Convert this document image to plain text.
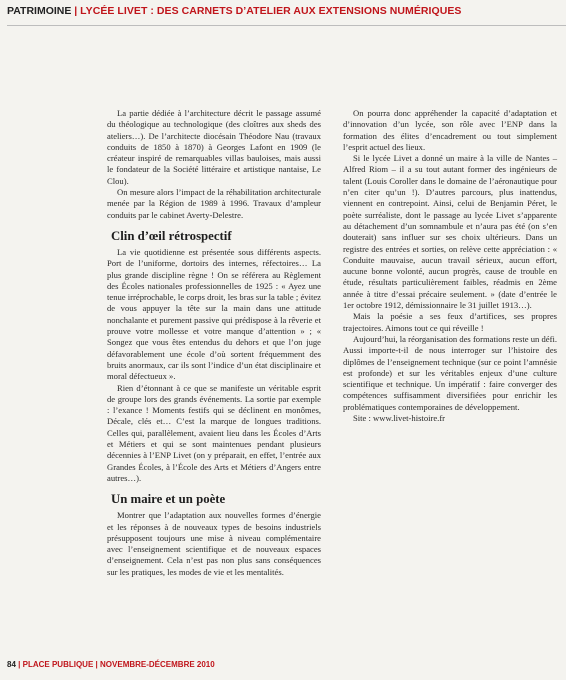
PATRIMOINE | LYCÉE LIVET : DES CARNETS D’ATELIER AUX EXTENSIONS NUMÉRIQUES

La partie dédiée à l’architecture décrit le passage assumé du théologique au technologique (des cloîtres aux sheds des ateliers…). De l’architecte diocésain Théodore Nau (travaux conduits de 1850 à 1870) à Georges Lafont en 1909 (le créateur inspiré de remarquables villas bauloises, mais aussi le fondateur de la Société littéraire et artistique nantaise, Le Clou).

On mesure alors l’impact de la réhabilitation architecturale menée par la Région de 1989 à 1996. Travaux d’ampleur conduits par le cabinet Averty-Delestre.

Clin d’œil rétrospectif

La vie quotidienne est présentée sous différents aspects. Port de l’uniforme, dortoirs des internes, réfectoires… La plus grande discipline règne ! On se référera au Règlement des Écoles nationales professionnelles de 1925 : « Ayez une tenue irréprochable, le corps droit, les bras sur la table ; évitez de vous appuyer la tête sur la main dans une attitude nonchalante et purement passive qui prédispose à la rêverie et prouve votre mollesse et votre manque d’attention » ; « Songez que vous êtes entendus du dehors et que l’on juge défavorablement une école d’où sortent fréquemment des bruits anormaux, car ils sont l’indice d’un état disciplinaire et moral défectueux ».

Rien d’étonnant à ce que se manifeste un véritable esprit de groupe lors des grands événements. La sortie par exemple : l’exance ! Moments festifs qui se déclinent en monômes, Décale, clés et… C’est la marque de longues traditions. Celles qui, parallèlement, avaient lieu dans les Écoles d’Arts et Métiers et qui se sont maintenues pendant plusieurs décennies à l’ENP Livet (on y préparait, en effet, l’entrée aux Grandes Écoles, à l’École des Arts et Métiers d’Angers entre autres…).

Un maire et un poète

Montrer que l’adaptation aux nouvelles formes d’énergie et les réponses à de nouveaux types de besoins industriels présupposent toujours une mise à niveau complémentaire avec l’enseignement scientifique et de nouveaux espaces d’enseignement. Cela n’est pas non plus sans conséquences sur les pratiques, les modes de vie et les mentalités.

On pourra donc appréhender la capacité d’adaptation et d’innovation d’un lycée, son rôle avec l’ENP dans la formation des élites d’encadrement ou tout simplement l’esprit actuel des lieux.

Si le lycée Livet a donné un maire à la ville de Nantes – Alfred Riom – il a su tout autant former des ingénieurs de talent (Louis Coroller dans le domaine de l’aéronautique pour n’en citer qu’un !). D’autres parcours, plus inattendus, viennent en contrepoint. Ainsi, celui de Benjamin Péret, le poète surréaliste, dont le passage au lycée Livet s’apparente au détachement d’un somnambule et n’aura pas été (on s’en douterait) sans influer sur ses choix ultérieurs. Dans un registre des entrées et sorties, on relève cette appréciation : « Conduite mauvaise, aucun travail sérieux, aucun effort, aucune bonne volonté, aucun progrès, cause de trouble en étude, résultats particulièrement faibles, réadmis en 2ème année à titre d’essai précaire seulement. » (date d’entrée le 1er octobre 1912, démissionnaire le 31 juillet 1913…).

Mais la poésie a ses feux d’artifices, ses propres trajectoires. Aimons tout ce qui réveille !

Aujourd’hui, la réorganisation des formations reste un défi. Aussi importe-t-il de nous interroger sur l’histoire des diplômes de l’enseignement technique (sur ce point l’amnésie est profonde) et sur les véritables enjeux d’une culture scientifique et technique. Un impératif : faire converger des compétences suffisamment diversifiées pour enrichir les problématiques contemporaines de développement.

Site : www.livet-histoire.fr

84 | PLACE PUBLIQUE | NOVEMBRE-DÉCEMBRE 2010
